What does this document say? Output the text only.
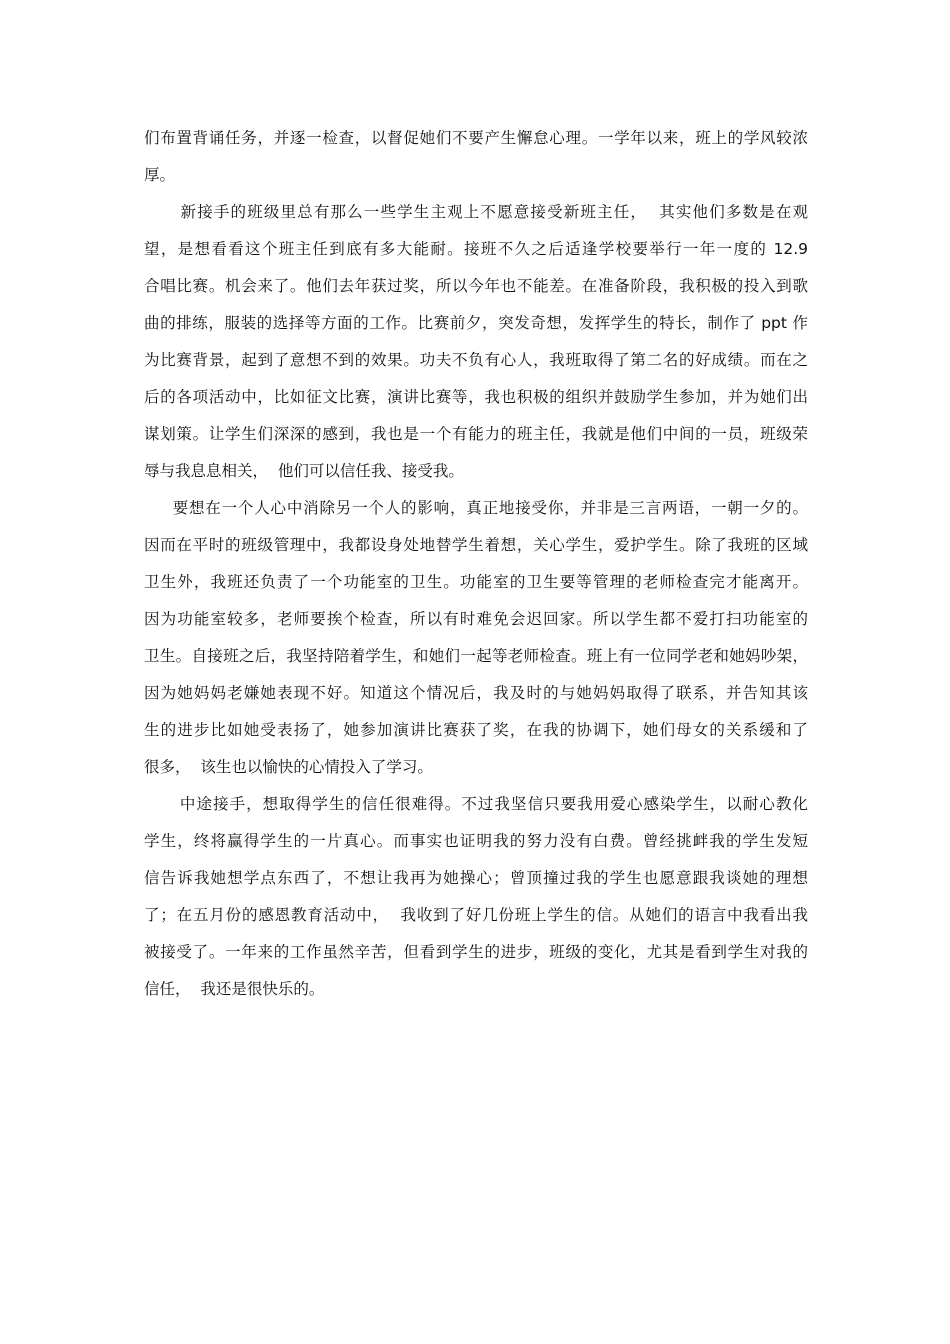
们布置背诵任务，并逐一检查，以督促她们不要产生懈怠心理。一学年以来，班上的学风较浓
厚。
新接手的班级里总有那么一些学生主观上不愿意接受新班主任，  其实他们多数是在观
望，是想看看这个班主任到底有多大能耐。接班不久之后适逢学校要举行一年一度的 12.9
合唱比赛。机会来了。他们去年获过奖，所以今年也不能差。在准备阶段，我积极的投入到歌
曲的排练，服装的选择等方面的工作。比赛前夕，突发奇想，发挥学生的特长，制作了 ppt 作
为比赛背景，起到了意想不到的效果。功夫不负有心人，我班取得了第二名的好成绩。而在之
后的各项活动中，比如征文比赛，演讲比赛等，我也积极的组织并鼓励学生参加，并为她们出
谋划策。让学生们深深的感到，我也是一个有能力的班主任，我就是他们中间的一员，班级荣
辱与我息息相关，  他们可以信任我、接受我。
要想在一个人心中消除另一个人的影响，真正地接受你，并非是三言两语，一朝一夕的。
因而在平时的班级管理中，我都设身处地替学生着想，关心学生，爱护学生。除了我班的区域
卫生外，我班还负责了一个功能室的卫生。功能室的卫生要等管理的老师检查完才能离开。
因为功能室较多，老师要挨个检查，所以有时难免会迟回家。所以学生都不爱打扫功能室的
卫生。自接班之后，我坚持陪着学生，和她们一起等老师检查。班上有一位同学老和她妈吵架，
因为她妈妈老嫌她表现不好。知道这个情况后，我及时的与她妈妈取得了联系，并告知其该
生的进步比如她受表扬了，她参加演讲比赛获了奖，在我的协调下，她们母女的关系缓和了
很多，  该生也以愉快的心情投入了学习。
中途接手，想取得学生的信任很难得。不过我坚信只要我用爱心感染学生，以耐心教化
学生，终将赢得学生的一片真心。而事实也证明我的努力没有白费。曾经挑衅我的学生发短
信告诉我她想学点东西了，不想让我再为她操心；曾顶撞过我的学生也愿意跟我谈她的理想
了；在五月份的感恩教育活动中，  我收到了好几份班上学生的信。从她们的语言中我看出我
被接受了。一年来的工作虽然辛苦，但看到学生的进步，班级的变化，尤其是看到学生对我的
信任，  我还是很快乐的。
